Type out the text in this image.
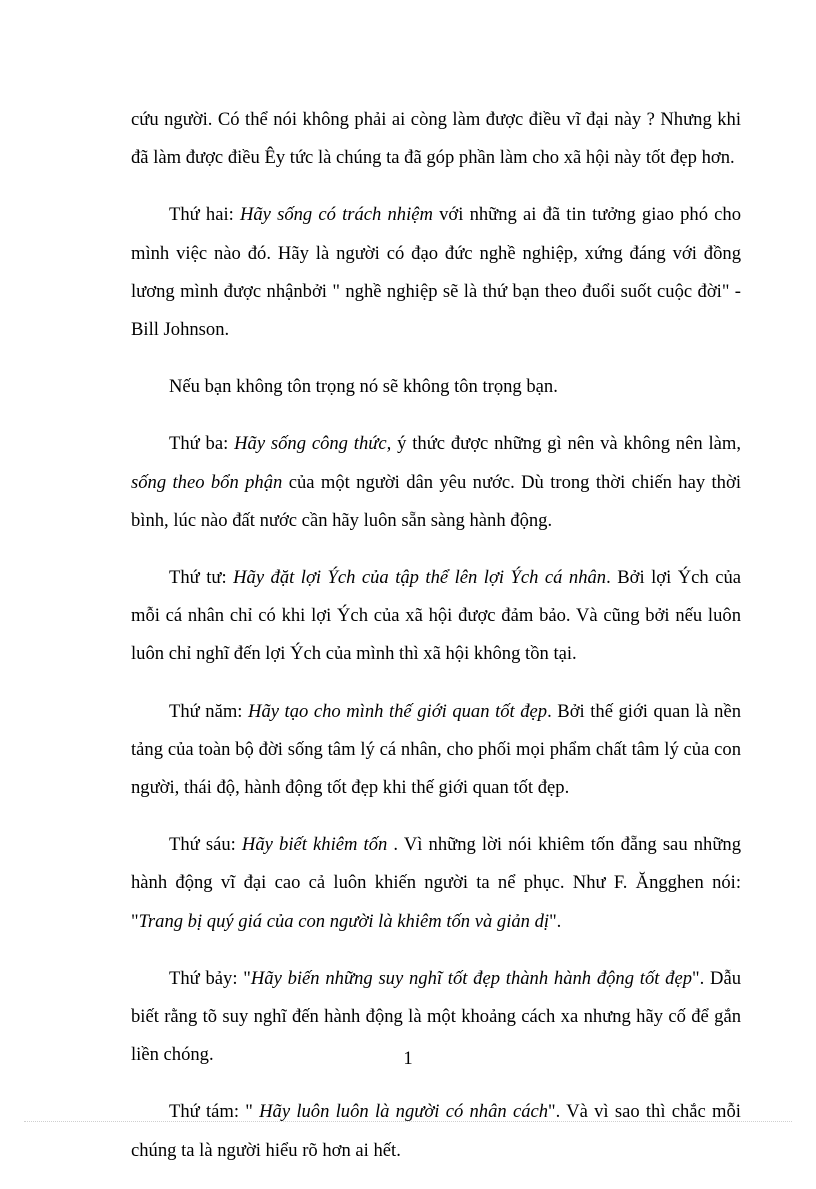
cứu người. Có thể nói không phải ai còng làm được điều vĩ đại này ? Nhưng khi đã làm được điều Êy tức là chúng ta đã góp phần làm cho xã hội này tốt đẹp hơn.

Thứ hai: Hãy sống có trách nhiệm với những ai đã tin tưởng giao phó cho mình việc nào đó. Hãy là người có đạo đức nghề nghiệp, xứng đáng với đồng lương mình được nhậnbởi " nghề nghiệp sẽ là thứ bạn theo đuổi suốt cuộc đời" - Bill Johnson.

Nếu bạn không tôn trọng nó sẽ không tôn trọng bạn.

Thứ ba: Hãy sống công thức, ý thức được những gì nên và không nên làm, sống theo bổn phận của một người dân yêu nước. Dù trong thời chiến hay thời bình, lúc nào đất nước cần hãy luôn sẵn sàng hành động.

Thứ tư: Hãy đặt lợi Ých của tập thể lên lợi Ých cá nhân. Bởi lợi Ých của mỗi cá nhân chỉ có khi lợi Ých của xã hội được đảm bảo. Và cũng bởi nếu luôn luôn chỉ nghĩ đến lợi Ých của mình thì xã hội không tồn tại.

Thứ năm: Hãy tạo cho mình thế giới quan tốt đẹp. Bởi thế giới quan là nền tảng của toàn bộ đời sống tâm lý cá nhân, cho phối mọi phẩm chất tâm lý của con người, thái độ, hành động tốt đẹp khi thế giới quan tốt đẹp.

Thứ sáu: Hãy biết khiêm tốn . Vì những lời nói khiêm tốn đẵng sau những hành động vĩ đại cao cả luôn khiến người ta nể phục. Như F. Ăngghen nói: "Trang bị quý giá của con người là khiêm tốn và giản dị".

Thứ bảy: "Hãy biến những suy nghĩ tốt đẹp thành hành động tốt đẹp". Dẫu biết rằng tõ suy nghĩ đến hành động là một khoảng cách xa nhưng hãy cố để gắn liền chóng.

Thứ tám: " Hãy luôn luôn là người có nhân cách". Và vì sao thì chắc mỗi chúng ta là người hiểu rõ hơn ai hết.

1
